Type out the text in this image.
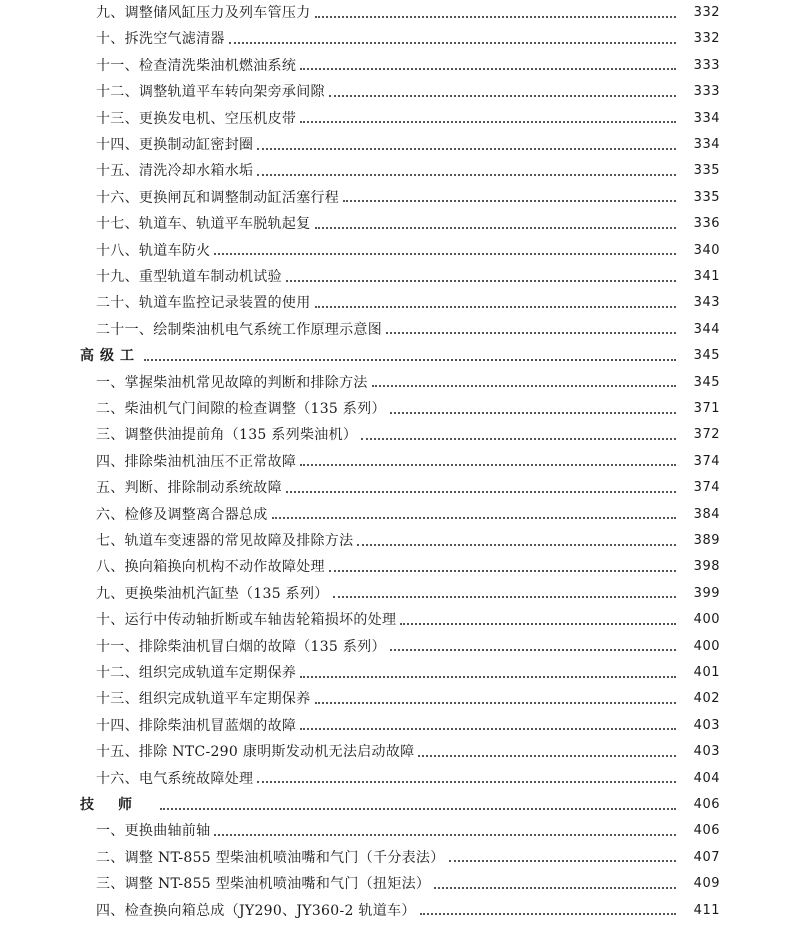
九、调整储风缸压力及列车管压力	332
十、拆洗空气滤清器	332
十一、检查清洗柴油机燃油系统	333
十二、调整轨道平车转向架旁承间隙	333
十三、更换发电机、空压机皮带	334
十四、更换制动缸密封圈	334
十五、清洗冷却水箱水垢	335
十六、更换闸瓦和调整制动缸活塞行程	335
十七、轨道车、轨道平车脱轨起复	336
十八、轨道车防火	340
十九、重型轨道车制动机试验	341
二十、轨道车监控记录装置的使用	343
二十一、绘制柴油机电气系统工作原理示意图	344
高级工	345
一、掌握柴油机常见故障的判断和排除方法	345
二、柴油机气门间隙的检查调整（135 系列）	371
三、调整供油提前角（135 系列柴油机）	372
四、排除柴油机油压不正常故障	374
五、判断、排除制动系统故障	374
六、检修及调整离合器总成	384
七、轨道车变速器的常见故障及排除方法	389
八、换向箱换向机构不动作故障处理	398
九、更换柴油机汽缸垫（135 系列）	399
十、运行中传动轴折断或车轴齿轮箱损坏的处理	400
十一、排除柴油机冒白烟的故障（135 系列）	400
十二、组织完成轨道车定期保养	401
十三、组织完成轨道平车定期保养	402
十四、排除柴油机冒蓝烟的故障	403
十五、排除 NTC-290 康明斯发动机无法启动故障	403
十六、电气系统故障处理	404
技师	406
一、更换曲轴前轴	406
二、调整 NT-855 型柴油机喷油嘴和气门（千分表法）	407
三、调整 NT-855 型柴油机喷油嘴和气门（扭矩法）	409
四、检查换向箱总成（JY290、JY360-2 轨道车）	411
